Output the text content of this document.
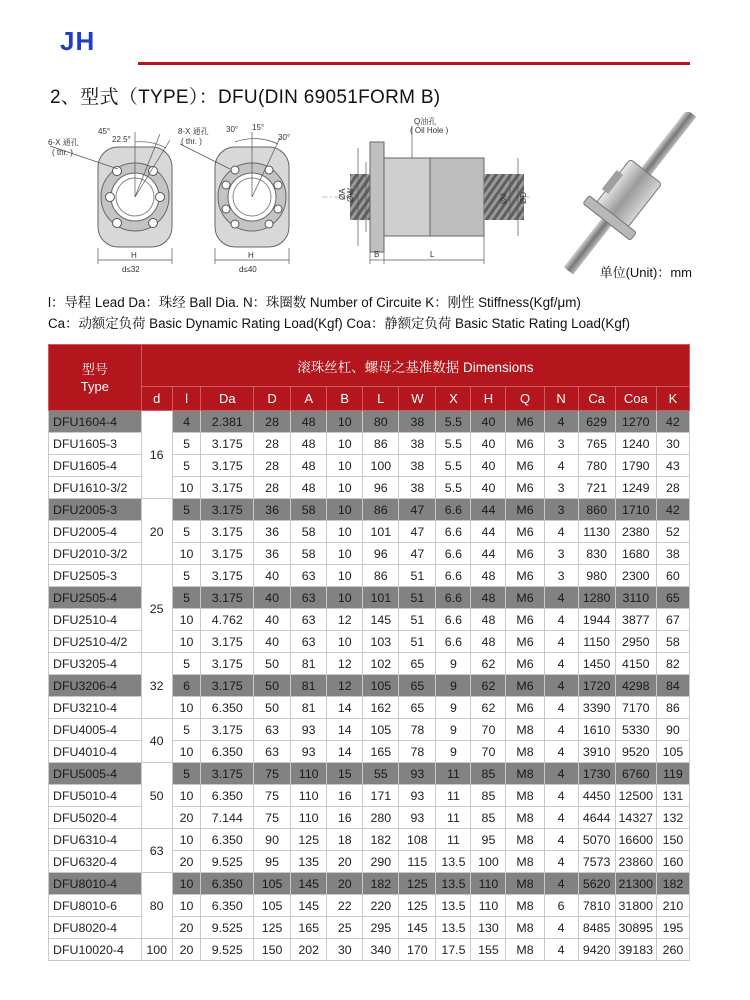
JH
2、型式（TYPE）：DFU(DIN 69051FORM B)
6-X 通孔
( thr. )
45°
22.5°
H
d≤32
8-X 通孔
( thr. )
30° 15°
30°
H
d≤40
Q油孔
( Oil Hole )
ØA ØW	Ød ØD
B	L
单位(Unit)：mm
l：导程 Lead Da：珠经 Ball Dia. N：珠圈数 Number of Circuite K：刚性 Stiffness(Kgf/μm)
Ca：动额定负荷 Basic Dynamic Rating Load(Kgf) Coa：静额定负荷 Basic Static Rating Load(Kgf)
型号
Type	滚珠丝杠、螺母之基准数据 Dimensions														
	d	l	Da	D	A	B	L	W	X	H	Q	N	Ca	Coa	K
DFU1604-4	16	4	2.381	28	48	10	80	38	5.5	40	M6	4	629	1270	42
DFU1605-3		5	3.175	28	48	10	86	38	5.5	40	M6	3	765	1240	30
DFU1605-4		5	3.175	28	48	10	100	38	5.5	40	M6	4	780	1790	43
DFU1610-3/2		10	3.175	28	48	10	96	38	5.5	40	M6	3	721	1249	28
DFU2005-3	20	5	3.175	36	58	10	86	47	6.6	44	M6	3	860	1710	42
DFU2005-4		5	3.175	36	58	10	101	47	6.6	44	M6	4	1130	2380	52
DFU2010-3/2		10	3.175	36	58	10	96	47	6.6	44	M6	3	830	1680	38
DFU2505-3	25	5	3.175	40	63	10	86	51	6.6	48	M6	3	980	2300	60
DFU2505-4		5	3.175	40	63	10	101	51	6.6	48	M6	4	1280	3110	65
DFU2510-4		10	4.762	40	63	12	145	51	6.6	48	M6	4	1944	3877	67
DFU2510-4/2		10	3.175	40	63	10	103	51	6.6	48	M6	4	1150	2950	58
DFU3205-4	32	5	3.175	50	81	12	102	65	9	62	M6	4	1450	4150	82
DFU3206-4		6	3.175	50	81	12	105	65	9	62	M6	4	1720	4298	84
DFU3210-4		10	6.350	50	81	14	162	65	9	62	M6	4	3390	7170	86
DFU4005-4	40	5	3.175	63	93	14	105	78	9	70	M8	4	1610	5330	90
DFU4010-4		10	6.350	63	93	14	165	78	9	70	M8	4	3910	9520	105
DFU5005-4	50	5	3.175	75	110	15	55	93	11	85	M8	4	1730	6760	119
DFU5010-4		10	6.350	75	110	16	171	93	11	85	M8	4	4450	12500	131
DFU5020-4		20	7.144	75	110	16	280	93	11	85	M8	4	4644	14327	132
DFU6310-4	63	10	6.350	90	125	18	182	108	11	95	M8	4	5070	16600	150
DFU6320-4		20	9.525	95	135	20	290	115	13.5	100	M8	4	7573	23860	160
DFU8010-4	80	10	6.350	105	145	20	182	125	13.5	110	M8	4	5620	21300	182
DFU8010-6		10	6.350	105	145	22	220	125	13.5	110	M8	6	7810	31800	210
DFU8020-4		20	9.525	125	165	25	295	145	13.5	130	M8	4	8485	30895	195
DFU10020-4	100	20	9.525	150	202	30	340	170	17.5	155	M8	4	9420	39183	260
